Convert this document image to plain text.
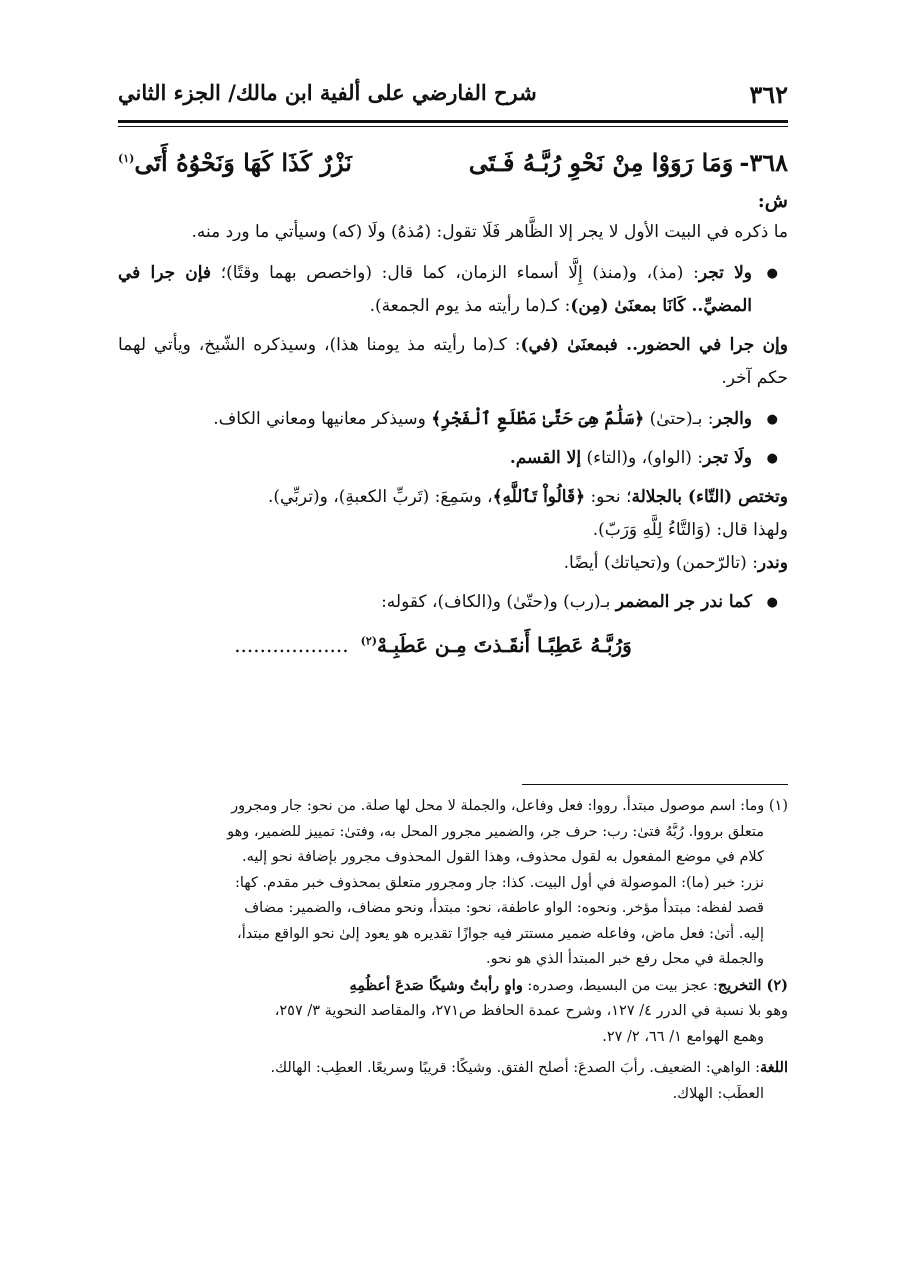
٣٦٢
شرح الفارضي على ألفية ابن مالك/ الجزء الثاني
٣٦٨-وَمَا رَوَوْا مِنْ نَحْوِ رُبَّـهُ فَـتَى
نَزْرٌ كَذَا كَهَا وَنَحْوُهُ أَتَى$^{(١)}$
ش:

ما ذكره في البيت الأول لا يجر إلا الظَّاهر فَلَا تقول: (مُذهُ) ولَا (كه) وسيأتي ما ورد منه.

●
ولا تجر: (مذ)، و(منذ) إِلَّا أسماء الزمان، كما قال: (واخصص بهما وقتًا)؛ فإن جرا في المضيِّ.. كَانَا بمعنَىٰ (مِن): كـ(ما رأيته مذ يوم الجمعة).

وإن جرا في الحضور.. فبمعنَىٰ (في): كـ(ما رأيته مذ يومنا هذا)، وسيذكره الشّيخ، ويأتي لهما حكم آخر.

●
والجر: بـ(حتىٰ) ﴿سَلَٰمٌ هِىَ حَتَّىٰ مَطْلَعِ ٱلْفَجْرِ﴾ وسيذكر معانيها ومعاني الكاف.
●
ولَا تجر: (الواو)، و(التاء) إلا القسم.

وتختص (التّاء) بالجلالة؛ نحو: ﴿قَالُواْ تَٱللَّهِ﴾، وسَمِعَ: (تَربِّ الكعبةِ)، و(تربِّي).

ولهذا قال: (وَالتَّاءُ لِلَّهِ وَرَبّ).

وندر: (تالرّحمن) و(تحياتك) أيضًا.

●
كما ندر جر المضمر بـ(رب) و(حتّىٰ) و(الكاف)، كقوله:
وَرُبَّـهُ عَطِبًـا أَنقَـذتَ مِـن عَطَبِـهْ$^{(٢)}$..................

(١) وما: اسم موصول مبتدأ. رووا: فعل وفاعل، والجملة لا محل لها صلة. من نحو: جار ومجرور

متعلق برووا. رُبَّهُ فتىٰ: رب: حرف جر، والضمير مجرور المحل به، وفتىٰ: تمييز للضمير، وهو

كلام في موضع المفعول به لقول محذوف، وهذا القول المحذوف مجرور بإضافة نحو إليه.

نزر: خبر (ما): الموصولة في أول البيت. كذا: جار ومجرور متعلق بمحذوف خبر مقدم. كها:

قصد لفظه: مبتدأ مؤخر. ونحوه: الواو عاطفة، نحو: مبتدأ، ونحو مضاف، والضمير: مضاف

إليه. أتىٰ: فعل ماض، وفاعله ضمير مستتر فيه جوازًا تقديره هو يعود إلىٰ نحو الواقع مبتدأ،

والجملة في محل رفع خبر المبتدأ الذي هو نحو.

(٢) التخريج: عجز بيت من البسيط، وصدره: واهٍ رأبتُ وشيكًا صَدعَ أعظُمِهِ

وهو بلا نسبة في الدرر ٤/ ١٢٧، وشرح عمدة الحافظ ص٢٧١، والمقاصد النحوية ٣/ ٢٥٧،

وهمع الهوامع ١/ ٦٦، ٢/ ٢٧.

اللغة: الواهي: الضعيف. رأبَ الصدعَ: أصلح الفتق. وشيكًا: قريبًا وسريعًا. العطِب: الهالك.

العطَب: الهلاك.
